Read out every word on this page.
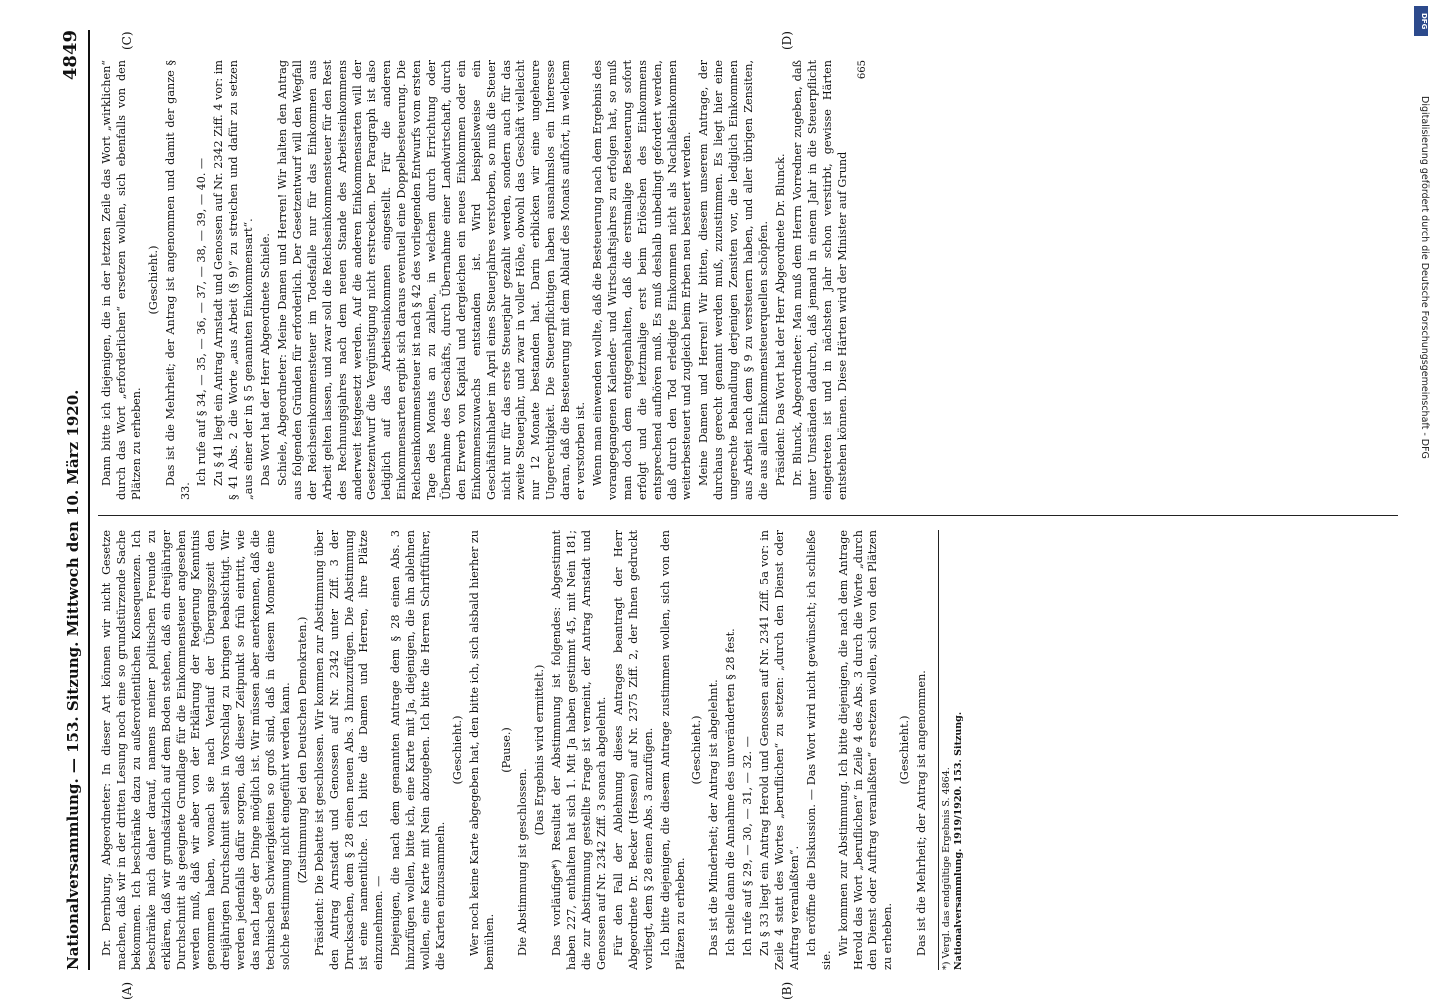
Nationalversammlung. — 153. Sitzung. Mittwoch den 10. März 1920.
4849
(A)	(B)
(C)	(D)

Dr. Dernburg, Abgeordneter: In dieser Art können wir nicht Gesetze machen, daß wir in der dritten Lesung noch eine so grundstürzende Sache bekommen. Ich beschränke dazu zu außerordentlichen Konsequenzen. Ich beschränke mich daher darauf, namens meiner politischen Freunde zu erklären, daß wir grundsätzlich auf dem Boden stehen, daß ein dreijähriger Durchschnitt als geeignete Grundlage für die Einkommensteuer angesehen werden muß, daß wir aber von der Erklärung der Regierung Kenntnis genommen haben, wonach sie nach Verlauf der Übergangszeit den dreijährigen Durchschnitt selbst in Vorschlag zu bringen beabsichtigt. Wir werden jedenfalls dafür sorgen, daß dieser Zeitpunkt so früh eintritt, wie das nach Lage der Dinge möglich ist. Wir müssen aber anerkennen, daß die technischen Schwierigkeiten so groß sind, daß in diesem Momente eine solche Bestimmung nicht eingeführt werden kann. (Zustimmung bei den Deutschen Demokraten.) Präsident: Die Debatte ist geschlossen. Wir kommen zur Abstimmung über den Antrag Arnstadt und Genossen auf Nr. 2342 unter Ziff. 3 der Drucksachen, dem § 28 einen neuen Abs. 3 hinzuzufügen. Die Abstimmung ist eine namentliche. Ich bitte die Damen und Herren, ihre Plätze einzunehmen. — Diejenigen, die nach dem genannten Antrage dem § 28 einen Abs. 3 hinzufügen wollen, bitte ich, eine Karte mit Ja, diejenigen, die ihn ablehnen wollen, eine Karte mit Nein abzugeben. Ich bitte die Herren Schriftführer, die Karten einzusammeln.

(Geschieht.) Wer noch keine Karte abgegeben hat, den bitte ich, sich alsbald hierher zu bemühen.

(Pause.)

Die Abstimmung ist geschlossen.

(Das Ergebnis wird ermittelt.) Das vorläufige*) Resultat der Abstimmung ist folgendes: Abgestimmt haben 227, enthalten hat sich 1. Mit Ja haben gestimmt 45, mit Nein 181; die zur Abstimmung gestellte Frage ist verneint, der Antrag Arnstadt und Genossen auf Nr. 2342 Ziff. 3 sonach abgelehnt. Für den Fall der Ablehnung dieses Antrages beantragt der Herr Abgeordnete Dr. Becker (Hessen) auf Nr. 2375 Ziff. 2, der Ihnen gedruckt vorliegt, dem § 28 einen Abs. 3 anzufügen. Ich bitte diejenigen, die diesem Antrage zustimmen wollen, sich von den Plätzen zu erheben.

(Geschieht.) Das ist die Minderheit; der Antrag ist abgelehnt. Ich stelle dann die Annahme des unveränderten § 28 fest. Ich rufe auf § 29, — 30, — 31, — 32. — Zu § 33 liegt ein Antrag Herold und Genossen auf Nr. 2341 Ziff. 5a vor: in Zeile 4 statt des Wortes „beruflichen“ zu setzen: „durch den Dienst oder Auftrag veranlaßten“. Ich eröffne die Diskussion. — Das Wort wird nicht gewünscht; ich schließe sie.

Wir kommen zur Abstimmung. Ich bitte diejenigen, die nach dem Antrage Herold das Wort „beruflichen“ in Zeile 4 des Abs. 3 durch die Worte „durch den Dienst oder Auftrag veranlaßten“ ersetzen wollen, sich von den Plätzen zu erheben.

(Geschieht.) Das ist die Mehrheit; der Antrag ist angenommen. *) Vergl. das endgültige Ergebnis S. 4864. Nationalversammlung. 1919/1920. 153. Sitzung.

Dann bitte ich diejenigen, die in der letzten Zeile das Wort „wirklichen“ durch das Wort „erforderlichen“ ersetzen wollen, sich ebenfalls von den Plätzen zu erheben.

(Geschieht.) Das ist die Mehrheit; der Antrag ist angenommen und damit der ganze § 33.

Ich rufe auf § 34, — 35, — 36, — 37, — 38, — 39, — 40. — Zu § 41 liegt ein Antrag Arnstadt und Genossen auf Nr. 2342 Ziff. 4 vor: im § 41 Abs. 2 die Worte „aus Arbeit (§ 9)“ zu streichen und dafür zu setzen „aus einer der in § 5 genannten Einkommensart“. Das Wort hat der Herr Abgeordnete Schiele. Schiele, Abgeordneter: Meine Damen und Herren! Wir halten den Antrag aus folgenden Gründen für erforderlich. Der Gesetzentwurf will den Wegfall der Reichseinkommensteuer im Todesfalle nur für das Einkommen aus Arbeit gelten lassen, und zwar soll die Reichseinkommensteuer für den Rest des Rechnungsjahres nach dem neuen Stande des Arbeitseinkommens anderweit festgesetzt werden. Auf die anderen Einkommensarten will der Gesetzentwurf die Vergünstigung nicht erstrecken. Der Paragraph ist also lediglich auf das Arbeitseinkommen eingestellt. Für die anderen Einkommensarten ergibt sich daraus eventuell eine Doppelbesteuerung. Die Reichseinkommensteuer ist nach § 42 des vorliegenden Entwurfs vom ersten Tage des Monats an zu zahlen, in welchem durch Errichtung oder Übernahme des Geschäfts, durch Übernahme einer Landwirtschaft, durch den Erwerb von Kapital und dergleichen ein neues Einkommen oder ein Einkommenszuwachs entstanden ist. Wird beispielsweise ein Geschäftsinhaber im April eines Steuerjahres verstorben, so muß die Steuer nicht nur für das erste Steuerjahr gezahlt werden, sondern auch für das zweite Steuerjahr, und zwar in voller Höhe, obwohl das Geschäft vielleicht nur 12 Monate bestanden hat. Darin erblicken wir eine ungeheure Ungerechtigkeit. Die Steuerpflichtigen haben ausnahmslos ein Interesse daran, daß die Besteuerung mit dem Ablauf des Monats aufhört, in welchem er verstorben ist. Wenn man einwenden wollte, daß die Besteuerung nach dem Ergebnis des vorangegangenen Kalender- und Wirtschaftsjahres zu erfolgen hat, so muß man doch dem entgegenhalten, daß die erstmalige Besteuerung sofort erfolgt und die letztmalige erst beim Erlöschen des Einkommens entsprechend aufhören muß. Es muß deshalb unbedingt gefordert werden, daß durch den Tod erledigte Einkommen nicht als Nachlaßeinkommen weiterbesteuert und zugleich beim Erben neu besteuert werden. Meine Damen und Herren! Wir bitten, diesem unserem Antrage, der durchaus gerecht genannt werden muß, zuzustimmen. Es liegt hier eine ungerechte Behandlung derjenigen Zensiten vor, die lediglich Einkommen aus Arbeit nach dem § 9 zu versteuern haben, und aller übrigen Zensiten, die aus allen Einkommensteuerquellen schöpfen. Präsident: Das Wort hat der Herr Abgeordnete Dr. Blunck. Dr. Blunck, Abgeordneter: Man muß dem Herrn Vorredner zugeben, daß unter Umständen dadurch, daß jemand in einem Jahr in die Steuerpflicht eingetreten ist und in nächsten Jahr schon verstirbt, gewisse Härten entstehen können. Diese Härten wird der Minister auf Grund

665
DFG
Digitalisierung gefördert durch die Deutsche Forschungsgemeinschaft - DFG
